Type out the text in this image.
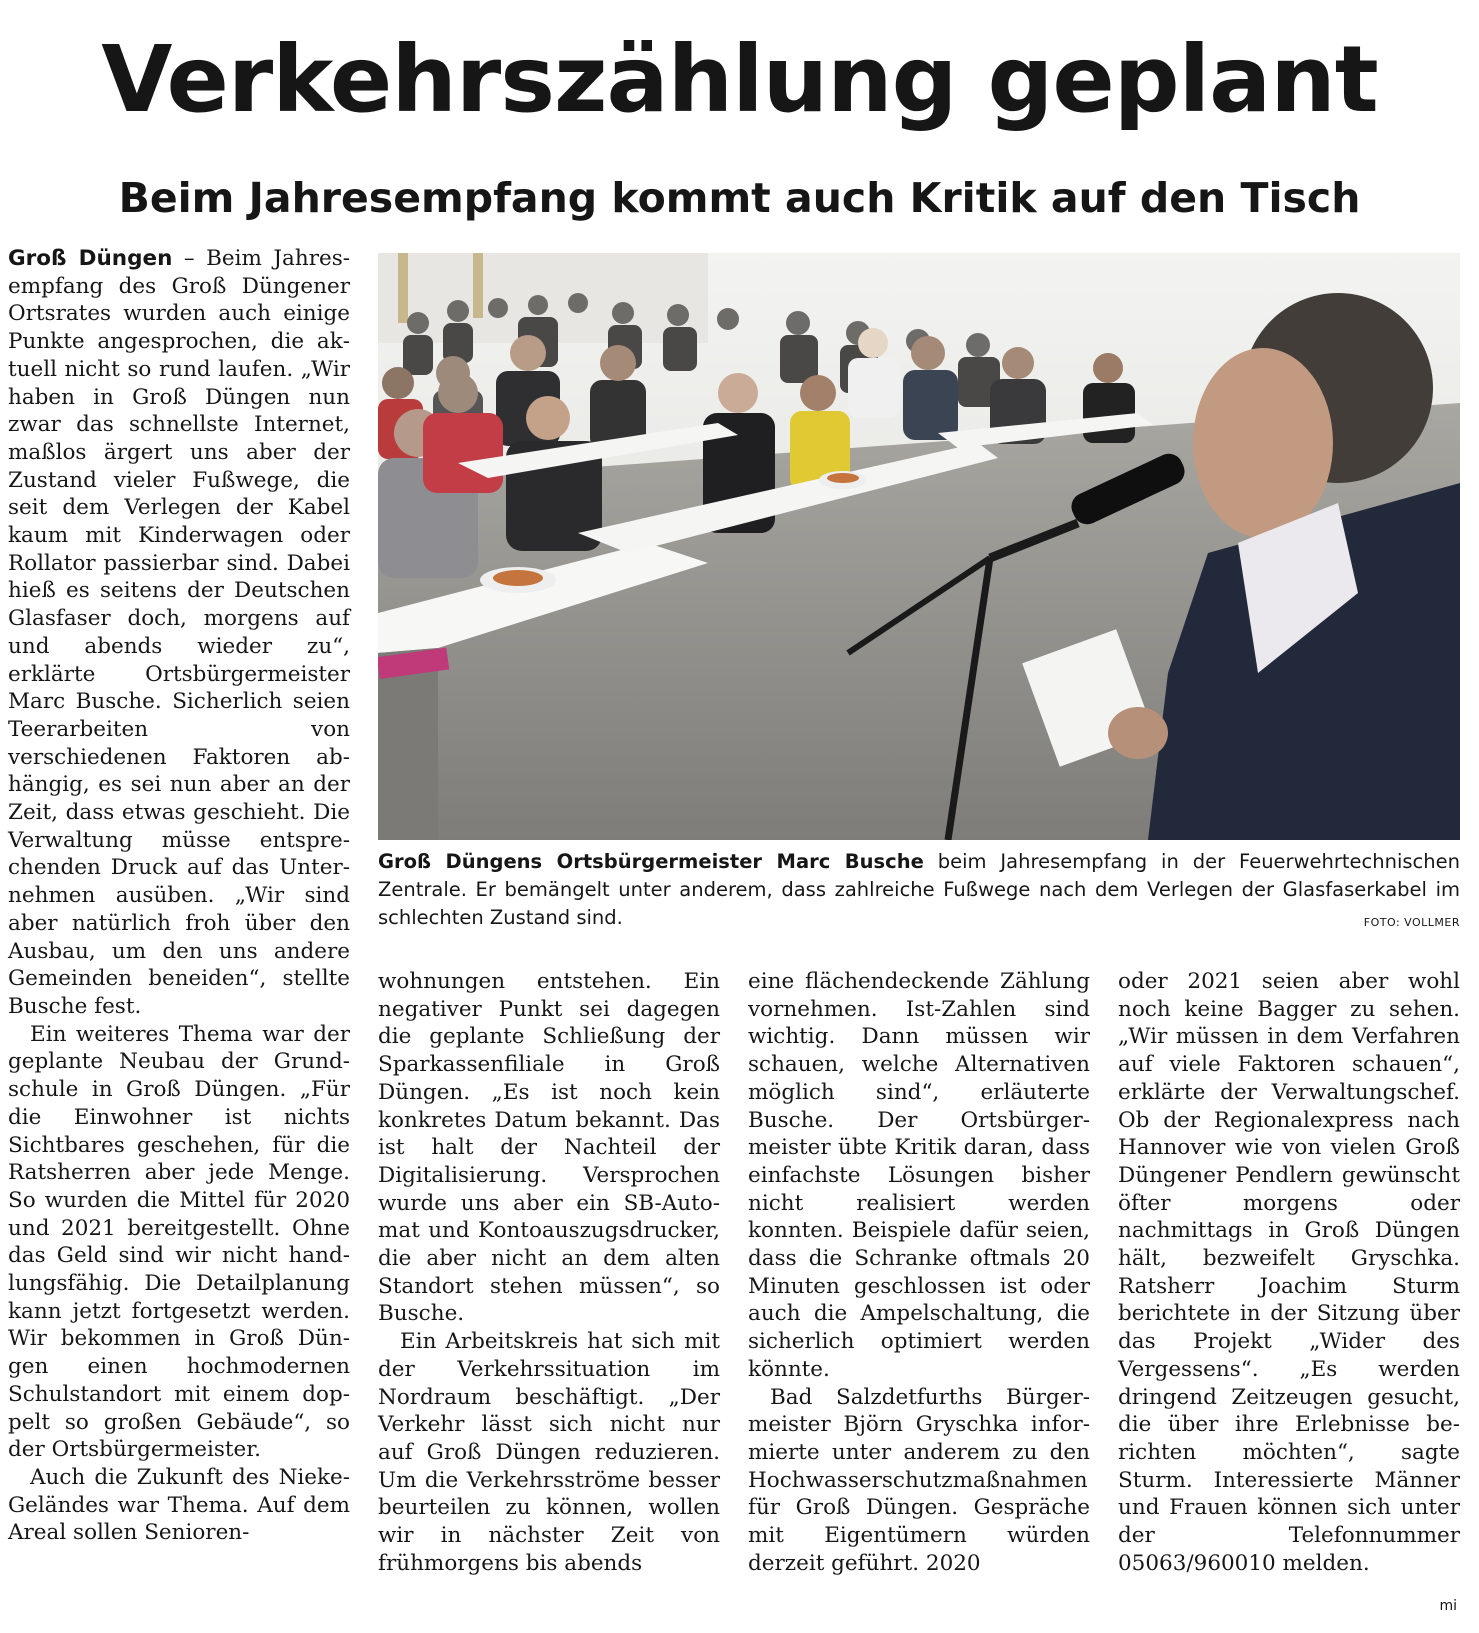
Verkehrszählung geplant
Beim Jahresempfang kommt auch Kritik auf den Tisch

Groß Düngen – Beim Jahresempfang des Groß Düngener Ortsrates wurden auch einige Punkte angesprochen, die aktuell nicht so rund laufen. „Wir haben in Groß Düngen nun zwar das schnellste Internet, maßlos ärgert uns aber der Zustand vieler Fußwege, die seit dem Verlegen der Kabel kaum mit Kinderwagen oder Rollator passierbar sind. Dabei hieß es seitens der Deutschen Glasfaser doch, morgens auf und abends wieder zu“, erklärte Ortsbürgermeister Marc Busche. Sicherlich seien Teerarbeiten von verschiedenen Faktoren abhängig, es sei nun aber an der Zeit, dass etwas geschieht. Die Verwaltung müsse entsprechenden Druck auf das Unternehmen ausüben. „Wir sind aber natürlich froh über den Ausbau, um den uns andere Gemeinden beneiden“, stellte Busche fest.

Ein weiteres Thema war der geplante Neubau der Grundschule in Groß Düngen. „Für die Einwohner ist nichts Sichtbares geschehen, für die Ratsherren aber jede Menge. So wurden die Mittel für 2020 und 2021 bereitgestellt. Ohne das Geld sind wir nicht handlungsfähig. Die Detailplanung kann jetzt fortgesetzt werden. Wir bekommen in Groß Düngen einen hochmodernen Schulstandort mit einem doppelt so großen Gebäude“, so der Ortsbürgermeister.

Auch die Zukunft des Nieke-Geländes war Thema. Auf dem Areal sollen Senioren-

Groß Düngens Ortsbürgermeister Marc Busche beim Jahresempfang in der Feuerwehrtechnischen Zentrale. Er bemängelt unter anderem, dass zahlreiche Fußwege nach dem Verlegen der Glasfaserkabel im schlechten Zustand sind.	FOTO: VOLLMER

wohnungen entstehen. Ein negativer Punkt sei dagegen die geplante Schließung der Sparkassenfiliale in Groß Düngen. „Es ist noch kein konkretes Datum bekannt. Das ist halt der Nachteil der Digitalisierung. Versprochen wurde uns aber ein SB-Automat und Kontoauszugsdrucker, die aber nicht an dem alten Standort stehen müssen“, so Busche.

Ein Arbeitskreis hat sich mit der Verkehrssituation im Nordraum beschäftigt. „Der Verkehr lässt sich nicht nur auf Groß Düngen reduzieren. Um die Verkehrsströme besser beurteilen zu können, wollen wir in nächster Zeit von frühmorgens bis abends

eine flächendeckende Zählung vornehmen. Ist-Zahlen sind wichtig. Dann müssen wir schauen, welche Alternativen möglich sind“, erläuterte Busche. Der Ortsbürgermeister übte Kritik daran, dass einfachste Lösungen bisher nicht realisiert werden konnten. Beispiele dafür seien, dass die Schranke oftmals 20 Minuten geschlossen ist oder auch die Ampelschaltung, die sicherlich optimiert werden könnte.

Bad Salzdetfurths Bürgermeister Björn Gryschka informierte unter anderem zu den Hochwasserschutzmaßnahmen für Groß Düngen. Gespräche mit Eigentümern würden derzeit geführt. 2020

oder 2021 seien aber wohl noch keine Bagger zu sehen. „Wir müssen in dem Verfahren auf viele Faktoren schauen“, erklärte der Verwaltungschef. Ob der Regionalexpress nach Hannover wie von vielen Groß Düngener Pendlern gewünscht öfter morgens oder nachmittags in Groß Düngen hält, bezweifelt Gryschka. Ratsherr Joachim Sturm berichtete in der Sitzung über das Projekt „Wider des Vergessens“. „Es werden dringend Zeitzeugen gesucht, die über ihre Erlebnisse berichten möchten“, sagte Sturm. Interessierte Männer und Frauen können sich unter der Telefonnummer 05063/960010 melden.

mi
